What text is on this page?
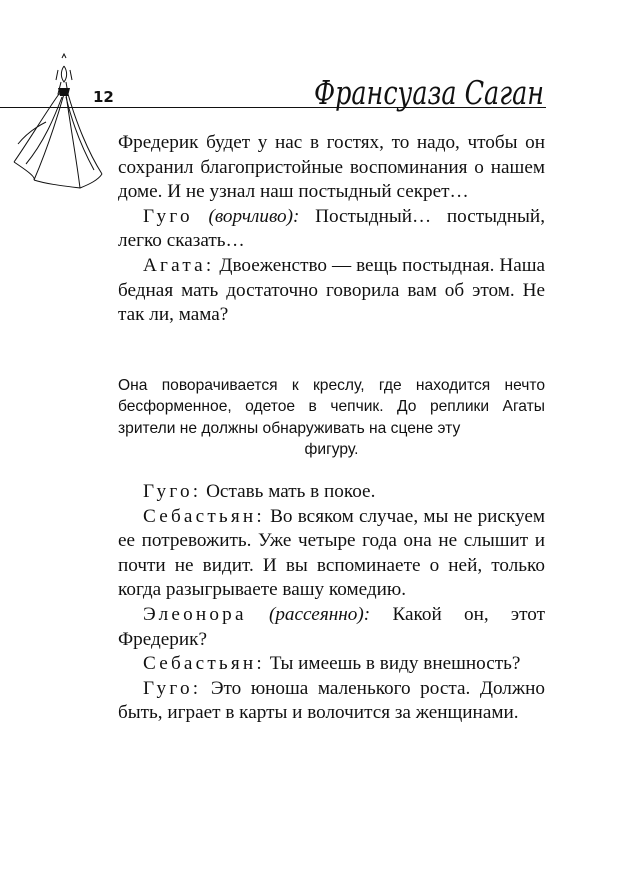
12	Франсуаза Саган

Фредерик будет у нас в гостях, то надо, чтобы он сохранил благопристойные воспоминания о нашем доме. И не узнал наш постыдный секрет…

Гуго (ворчливо): Постыдный… постыдный, легко сказать…

Агата: Двоеженство — вещь постыдная. Наша бедная мать достаточно говорила вам об этом. Не так ли, мама?

Она поворачивается к креслу, где находится нечто бесформенное, одетое в чепчик. До реплики Агаты зрители не должны обнаруживать на сцене эту

фигуру.

Гуго: Оставь мать в покое.

Себастьян: Во всяком случае, мы не рискуем ее потревожить. Уже четыре года она не слышит и почти не видит. И вы вспоминаете о ней, только когда разыгрываете вашу комедию.

Элеонора (рассеянно): Какой он, этот Фредерик?

Себастьян: Ты имеешь в виду внешность?

Гуго: Это юноша маленького роста. Должно быть, играет в карты и волочится за женщинами.
